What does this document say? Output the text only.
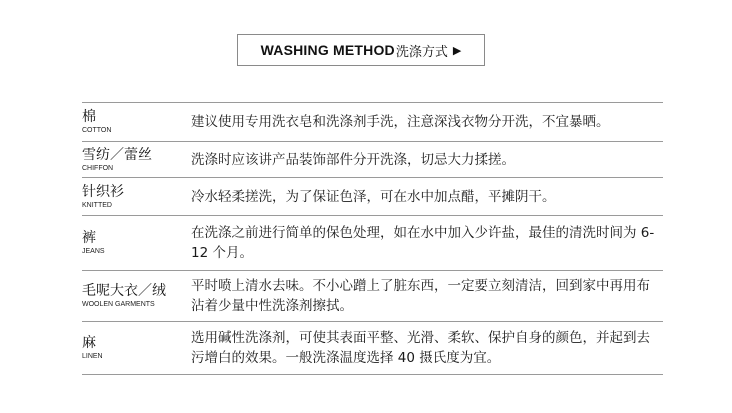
WASHING METHOD 洗涤方式 ▶
棉
COTTON
建议使用专用洗衣皂和洗涤剂手洗，注意深浅衣物分开洗，不宜暴晒。
雪纺／蕾丝
CHIFFON
洗涤时应该讲产品装饰部件分开洗涤，切忌大力揉搓。
针织衫
KNITTED
冷水轻柔搓洗，为了保证色泽，可在水中加点醋，平摊阴干。
裤
JEANS
在洗涤之前进行简单的保色处理，如在水中加入少许盐，最佳的清洗时间为 6-12 个月。
毛呢大衣／绒
WOOLEN GARMENTS
平时喷上清水去味。不小心蹭上了脏东西，一定要立刻清洁，回到家中再用布沾着少量中性洗涤剂擦拭。
麻
LINEN
选用碱性洗涤剂，可使其表面平整、光滑、柔软、保护自身的颜色，并起到去污增白的效果。一般洗涤温度选择 40 摄氏度为宜。
